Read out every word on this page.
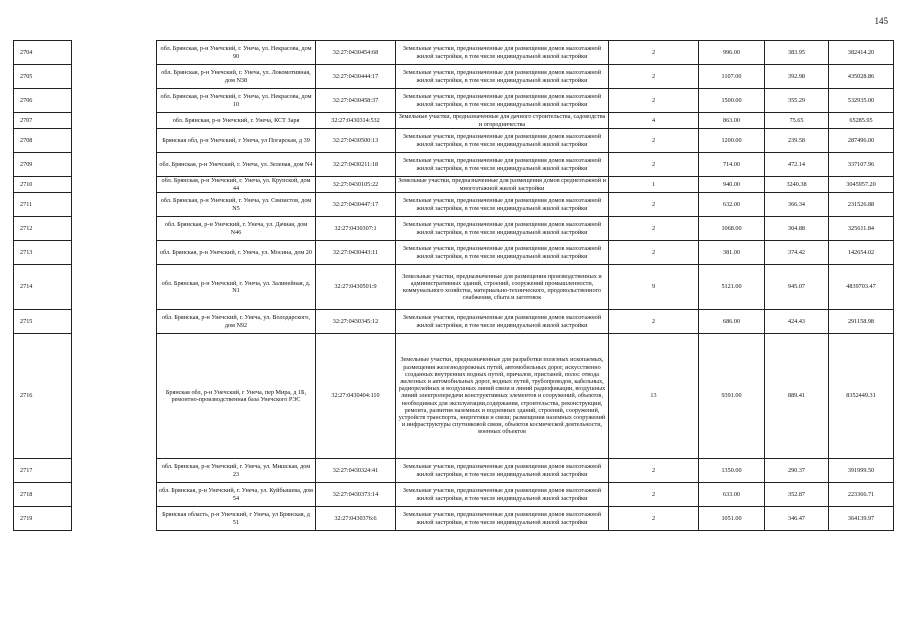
145
2704		обл. Брянская, р-н Унечский, г. Унеча, ул. Некрасова, дом 90	32:27:0430454:68	Земельные участки, предназначенные для размещения домов малоэтажной жилой застройки, в том числе индивидуальной жилой застройки	2	996.00	383.95	382414.20
2705		обл. Брянская, р-н Унечский, г. Унеча, ул. Локомотивная, дом N38	32:27:0430444:17	Земельные участки, предназначенные для размещения домов малоэтажной жилой застройки, в том числе индивидуальной жилой застройки	2	1107.00	392.98	435028.86
2706		обл. Брянская, р-н Унечский, г. Унеча, ул. Некрасова, дом 10	32:27:0430458:37	Земельные участки, предназначенные для размещения домов малоэтажной жилой застройки, в том числе индивидуальной жилой застройки	2	1500.00	355.29	532935.00
2707		обл. Брянская, р-н Унечский, г. Унеча, КСТ Заря	32:27:0430314:532	Земельные участки, предназначенные для дачного строительства, садоводства и огородничества	4	863.00	75.65	65285.95
2708		Брянская обл, р-н Унечский, г Унеча, ул Погарская, д 39	32:27:0430500:13	Земельные участки, предназначенные для размещения домов малоэтажной жилой застройки, в том числе индивидуальной жилой застройки	2	1200.00	239.58	287496.00
2709		обл. Брянская, р-н Унечский, г. Унеча, ул. Зеленая, дом N4	32:27:0430211:18	Земельные участки, предназначенные для размещения домов малоэтажной жилой застройки, в том числе индивидуальной жилой застройки	2	714.00	472.14	337107.96
2710		обл. Брянская, р-н Унечский, г. Унеча, ул. Крупской, дом 44	32:27:0430105:22	Земельные участки, предназначенные для размещения домов среднеэтажной и многоэтажной жилой застройки	1	940.00	3240.38	3045957.20
2711		обл. Брянская, р-н Унечский, г. Унеча, ул. Связистов, дом N5	32:27:0430447:17	Земельные участки, предназначенные для размещения домов малоэтажной жилой застройки, в том числе индивидуальной жилой застройки	2	632.00	366.34	231526.88
2712		обл. Брянская, р-н Унечский, г. Унеча, ул. Дачная, дом N46	32:27:0430307:1	Земельные участки, предназначенные для размещения домов малоэтажной жилой застройки, в том числе индивидуальной жилой застройки	2	1068.00	304.88	325611.84
2713		обл. Брянская, р-н Унечский, г. Унеча, ул. Мосина, дом 20	32:27:0430443:11	Земельные участки, предназначенные для размещения домов малоэтажной жилой застройки, в том числе индивидуальной жилой застройки	2	381.00	374.42	142654.02
2714		обл. Брянская, р-н Унечский, г. Унеча, ул. Залинейная, д. N1	32:27:0430501:9	Земельные участки, предназначенные для размещения производственных и административных зданий, строений, сооружений промышленности, коммунального хозяйства, материально-технического, продовольственного снабжения, сбыта и заготовок	9	5121.00	945.07	4839703.47
2715		обл. Брянская, р-н Унечский, г. Унеча, ул. Володарского, дом N92	32:27:0430345:12	Земельные участки, предназначенные для размещения домов малоэтажной жилой застройки, в том числе индивидуальной жилой застройки	2	686.00	424.43	291158.98
2716		Брянская обл, р-н Унечский, г Унеча, пер Мира, д 1Б, ремонтно-производственная база Унечского РЭС	32:27:0430404:110	Земельные участки, предназначенные для разработки полезных ископаемых, размещения железнодорожных путей, автомобильных дорог, искусственно созданных внутренних водных путей, причалов, пристаней, полос отвода железных и автомобильных дорог, водных путей, трубопроводов, кабельных, радиорелейных и воздушных линий связи и линий радиофикации, воздушных линий электропередачи конструктивных элементов и сооружений, объектов, необходимых для эксплуатации,содержания, строительства, реконструкции, ремонта, развития наземных и подземных зданий, строений, сооружений, устройств транспорта, энергетики и связи; размещения наземных сооружений и инфраструктуры спутниковой связи, объектов космической деятельности, военных объектов	13	9391.00	889.41	8352449.31
2717		обл. Брянская, р-н Унечский, г. Унеча, ул. Мишская, дом 23	32:27:0430324:41	Земельные участки, предназначенные для размещения домов малоэтажной жилой застройки, в том числе индивидуальной жилой застройки	2	1350.00	290.37	391999.50
2718		обл. Брянская, р-н Унечский, г. Унеча, ул. Куйбышева, дом 54	32:27:0430373:14	Земельные участки, предназначенные для размещения домов малоэтажной жилой застройки, в том числе индивидуальной жилой застройки	2	633.00	352.87	223366.71
2719		Брянская область, р-н Унечский, г Унеча, ул Брянская, д 51	32:27:0430376:6	Земельные участки, предназначенные для размещения домов малоэтажной жилой застройки, в том числе индивидуальной жилой застройки	2	1051.00	346.47	364139.97
